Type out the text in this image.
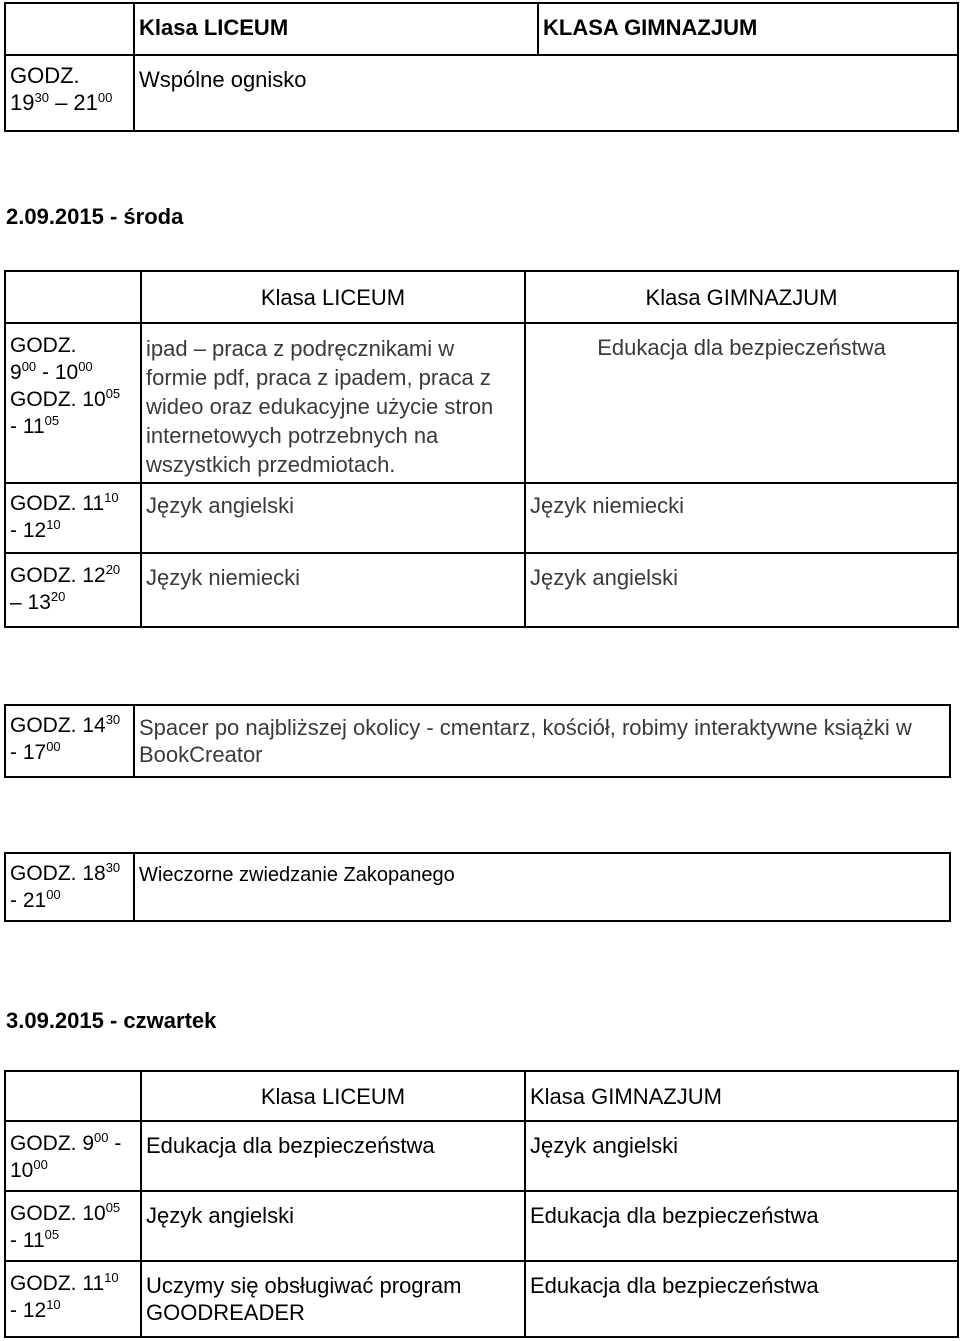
	Klasa LICEUM	KLASA GIMNAZJUM
GODZ.
$19^{30} - 21^{00}$	Wspólne ognisko	
2.09.2015 - środa
	Klasa LICEUM	Klasa GIMNAZJUM
GODZ.
$9^{00} - 10^{00}$
GODZ. $10^{05}$
- $11^{05}$	ipad – praca z podręcznikami w formie pdf, praca z ipadem, praca z wideo oraz edukacyjne użycie stron internetowych potrzebnych na wszystkich przedmiotach.	Edukacja dla bezpieczeństwa
GODZ. $11^{10}$
- $12^{10}$	Język angielski	Język niemiecki
GODZ. $12^{20}$
– $13^{20}$	Język niemiecki	Język angielski
GODZ. $14^{30}$
- $17^{00}$	Spacer po najbliższej okolicy - cmentarz, kościół, robimy interaktywne książki w BookCreator
GODZ. $18^{30}$
- $21^{00}$	Wieczorne zwiedzanie Zakopanego
3.09.2015 - czwartek
	Klasa LICEUM	Klasa GIMNAZJUM
GODZ. $9^{00}$ -
$10^{00}$	Edukacja dla bezpieczeństwa	Język angielski
GODZ. $10^{05}$
- $11^{05}$	Język angielski	Edukacja dla bezpieczeństwa
GODZ. $11^{10}$
- $12^{10}$	Uczymy się obsługiwać program GOODREADER	Edukacja dla bezpieczeństwa
